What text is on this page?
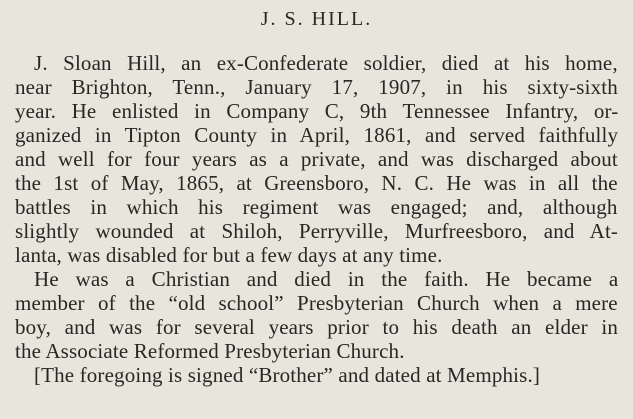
J. S. HILL.
J. Sloan Hill, an ex-Confederate soldier, died at his home,
near Brighton, Tenn., January 17, 1907, in his sixty-sixth
year. He enlisted in Company C, 9th Tennessee Infantry, or-
ganized in Tipton County in April, 1861, and served faithfully
and well for four years as a private, and was discharged about
the 1st of May, 1865, at Greensboro, N. C. He was in all the
battles in which his regiment was engaged; and, although
slightly wounded at Shiloh, Perryville, Murfreesboro, and At-
lanta, was disabled for but a few days at any time.
He was a Christian and died in the faith. He became a
member of the “old school” Presbyterian Church when a mere
boy, and was for several years prior to his death an elder in
the Associate Reformed Presbyterian Church.
[The foregoing is signed “Brother” and dated at Memphis.]
